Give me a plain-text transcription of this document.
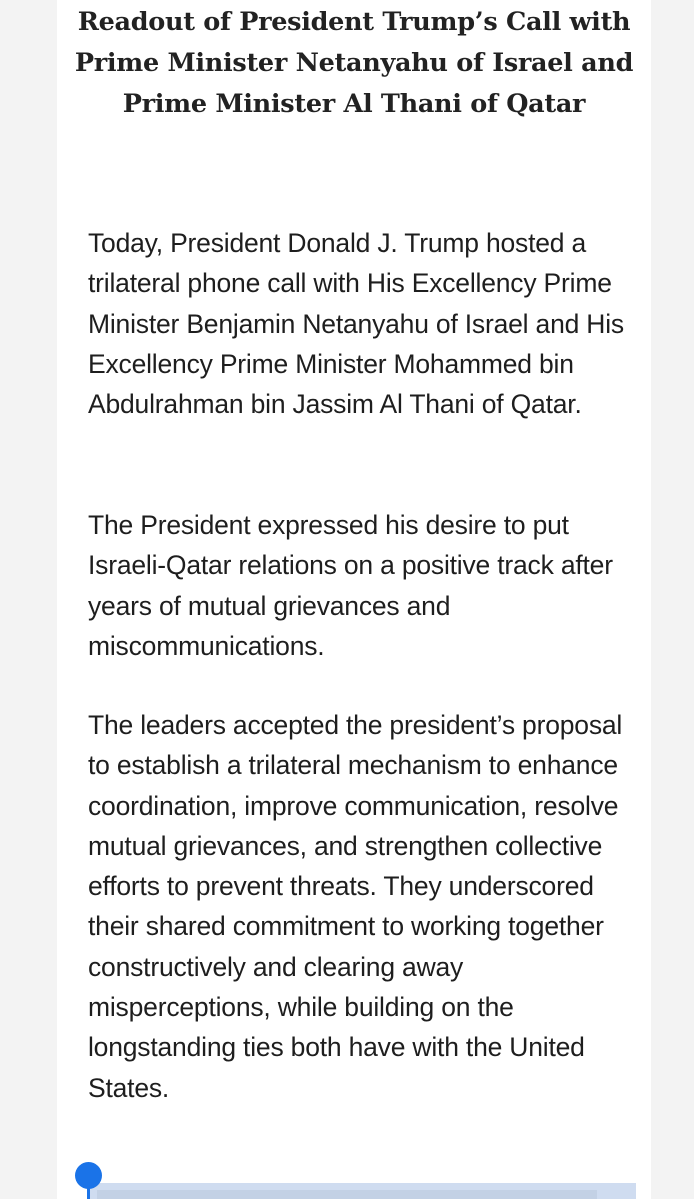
Readout of President Trump’s Call with Prime Minister Netanyahu of Israel and Prime Minister Al Thani of Qatar

Today, President Donald J. Trump hosted a trilateral phone call with His Excellency Prime Minister Benjamin Netanyahu of Israel and His Excellency Prime Minister Mohammed bin Abdulrahman bin Jassim Al Thani of Qatar.

The President expressed his desire to put Israeli-Qatar relations on a positive track after years of mutual grievances and miscommunications.

The leaders accepted the president’s proposal to establish a trilateral mechanism to enhance coordination, improve communication, resolve mutual grievances, and strengthen collective efforts to prevent threats. They underscored their shared commitment to working together constructively and clearing away misperceptions, while building on the longstanding ties both have with the United States.
